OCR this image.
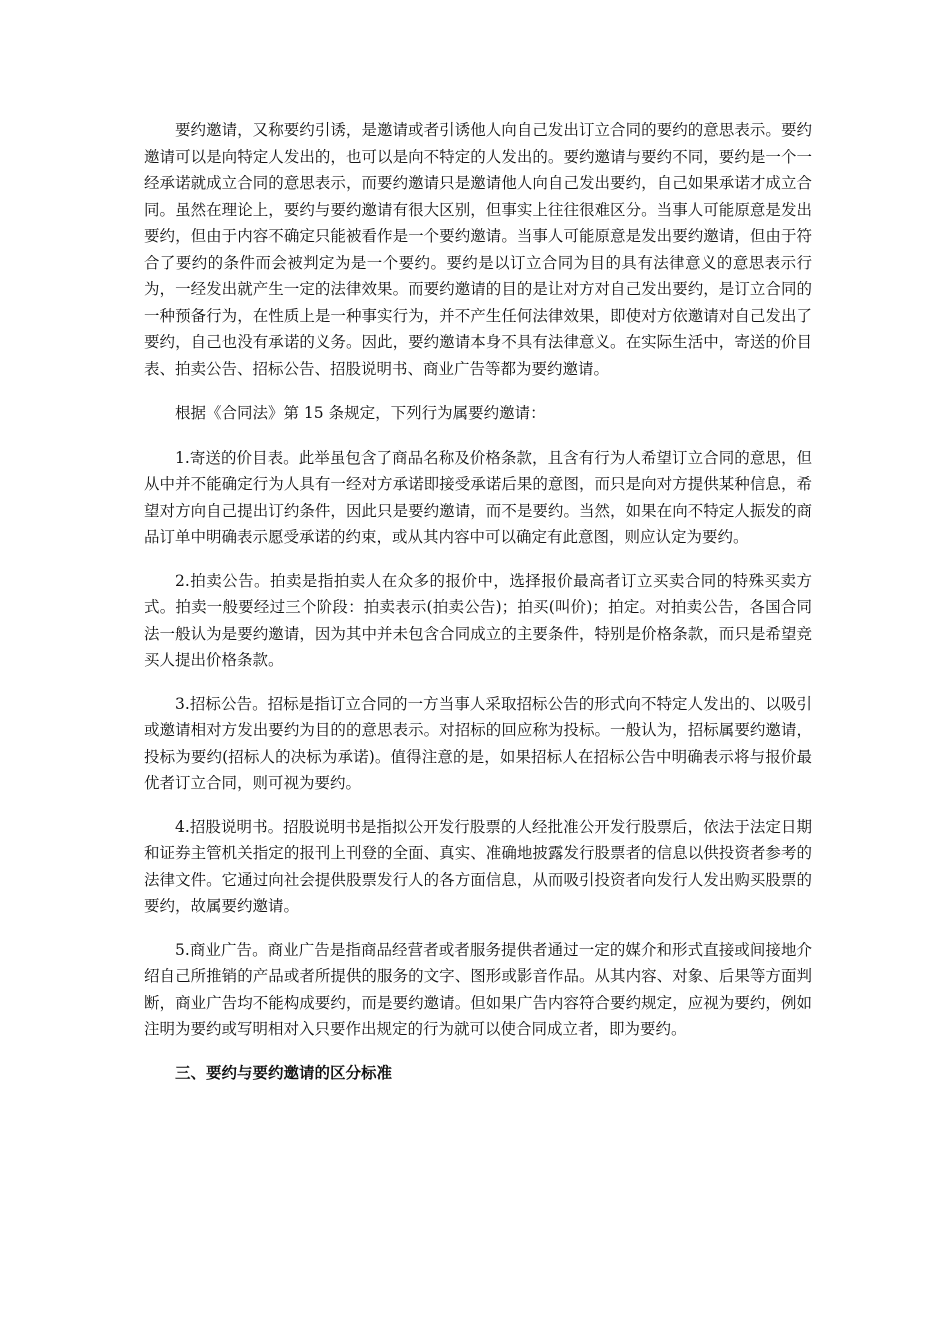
要约邀请，又称要约引诱，是邀请或者引诱他人向自己发出订立合同的要约的意思表示。要约邀请可以是向特定人发出的，也可以是向不特定的人发出的。要约邀请与要约不同，要约是一个一经承诺就成立合同的意思表示，而要约邀请只是邀请他人向自己发出要约，自己如果承诺才成立合同。虽然在理论上，要约与要约邀请有很大区别，但事实上往往很难区分。当事人可能原意是发出要约，但由于内容不确定只能被看作是一个要约邀请。当事人可能原意是发出要约邀请，但由于符合了要约的条件而会被判定为是一个要约。要约是以订立合同为目的具有法律意义的意思表示行为，一经发出就产生一定的法律效果。而要约邀请的目的是让对方对自己发出要约，是订立合同的一种预备行为，在性质上是一种事实行为，并不产生任何法律效果，即使对方依邀请对自己发出了要约，自己也没有承诺的义务。因此，要约邀请本身不具有法律意义。在实际生活中，寄送的价目表、拍卖公告、招标公告、招股说明书、商业广告等都为要约邀请。

根据《合同法》第 15 条规定，下列行为属要约邀请：

1.寄送的价目表。此举虽包含了商品名称及价格条款，且含有行为人希望订立合同的意思，但从中并不能确定行为人具有一经对方承诺即接受承诺后果的意图，而只是向对方提供某种信息，希望对方向自己提出订约条件，因此只是要约邀请，而不是要约。当然，如果在向不特定人振发的商品订单中明确表示愿受承诺的约束，或从其内容中可以确定有此意图，则应认定为要约。

2.拍卖公告。拍卖是指拍卖人在众多的报价中，选择报价最高者订立买卖合同的特殊买卖方式。拍卖一般要经过三个阶段：拍卖表示(拍卖公告)；拍买(叫价)；拍定。对拍卖公告，各国合同法一般认为是要约邀请，因为其中并未包含合同成立的主要条件，特别是价格条款，而只是希望竞买人提出价格条款。

3.招标公告。招标是指订立合同的一方当事人采取招标公告的形式向不特定人发出的、以吸引或邀请相对方发出要约为目的的意思表示。对招标的回应称为投标。一般认为，招标属要约邀请，投标为要约(招标人的决标为承诺)。值得注意的是，如果招标人在招标公告中明确表示将与报价最优者订立合同，则可视为要约。

4.招股说明书。招股说明书是指拟公开发行股票的人经批准公开发行股票后，依法于法定日期和证券主管机关指定的报刊上刊登的全面、真实、准确地披露发行股票者的信息以供投资者参考的法律文件。它通过向社会提供股票发行人的各方面信息，从而吸引投资者向发行人发出购买股票的要约，故属要约邀请。

5.商业广告。商业广告是指商品经营者或者服务提供者通过一定的媒介和形式直接或间接地介绍自己所推销的产品或者所提供的服务的文字、图形或影音作品。从其内容、对象、后果等方面判断，商业广告均不能构成要约，而是要约邀请。但如果广告内容符合要约规定，应视为要约，例如注明为要约或写明相对入只要作出规定的行为就可以使合同成立者，即为要约。

三、要约与要约邀请的区分标准
